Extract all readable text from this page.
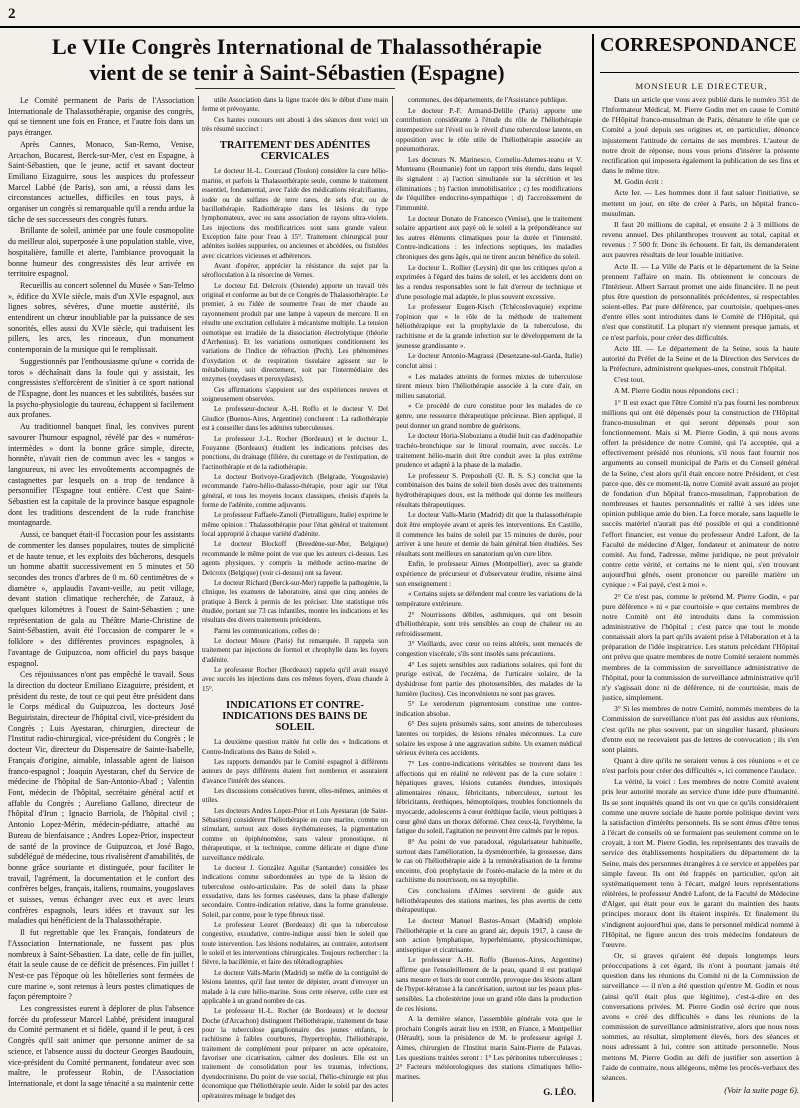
2
Le VIIe Congrès International de Thalassothérapie
vient de se tenir à Saint-Sébastien (Espagne)

Le Comité permanent de Paris de l'Association Internationale de Thalassothérapie, organise des congrès, qui se tiennent une fois en France, et l'autre fois dans un pays étranger.

Après Cannes, Monaco, San-Remo, Venise, Arcachon, Bucarest, Berck-sur-Mer, c'est en Espagne, à Saint-Sébastien, que le jeune, actif et savant docteur Emiliano Eizaguirre, sous les auspices du professeur Marcel Labbé (de Paris), son ami, a réussi dans les circonstances actuelles, difficiles en tous pays, à organiser un congrès si remarquable qu'il a rendu ardue la tâche de ses successeurs des congrès futurs.

Brillante de soleil, animée par une foule cosmopolite du meilleur aloi, superposée à une population stable, vive, hospitalière, famille et alerte, l'ambiance provoquait la bonne humeur des congressistes dès leur arrivée en territoire espagnol.

Recueillis au concert solennel du Musée « San-Telmo », édifice du XVIe siècle, mais d'un XVIe espagnol, aux lignes sobres, sévères, d'une muette austérité, ils entendirent un chœur inoubliable par la puissance de ses sonorités, elles aussi du XVIe siècle, qui traduisent les pillers, les arcs, les rinceaux, d'un monument contemporain de la musique qui le remplissait.

Suggestionnés par l'enthousiasme qu'une « corrida de toros » déchaînait dans la foule qui y assistait, les congressistes s'efforcèrent de s'initier à ce sport national de l'Espagne, dont les nuances et les subtilités, basées sur la psycho-physiologie du taureau, échappent si facilement aux profanes.

Au traditionnel banquet final, les convives purent savourer l'humour espagnol, révélé par des « numéros-intermèdes » dont la bonne grâce simple, directe, honnête, n'avait rien de commun avec les « tangos » langoureux, ni avec les envoûtements accompagnés de castagnettes par lesquels on a trop de tendance à personnifier l'Espagne tout entière. C'est que Saint-Sébastien est la capitale de la province basque espagnole dont les traditions descendent de la rude franchise montagnarde.

Aussi, ce banquet était-il l'occasion pour les assistants de commenter les danses populaires, toutes de simplicité et de haute tenue, et les exploits des bûcherons, desquels un homme abattit successivement en 5 minutes et 50 secondes des troncs d'arbres de 0 m. 60 centimètres de « diamètre », applaudis l'avant-veille, au petit village, devant station climatique recherchée, de Zarauz, à quelques kilomètres à l'ouest de Saint-Sébastien ; une représentation de gala au Théâtre Marie-Christine de Saint-Sébastien, avait été l'occasion de comparer le « folklore » des différentes provinces espagnoles, à l'avantage de Guipuzcoa, nom officiel du pays basque espagnol.

Ces réjouissances n'ont pas empêché le travail. Sous la direction du docteur Emiliano Eizaguirre, président, et président du reste, de tout ce qui peut être président dans le Corps médical du Guipuzcoa, les docteurs José Beguiristain, directeur de l'hôpital civil, vice-président du Congrès ; Luis Ayestaran, chirurgien, directeur de l'Institut radio-chirurgical, vice-président du Congrès ; le docteur Vic, directeur du Dispensaire de Sainte-Isabelle, Français d'origine, aimable, inlassable agent de liaison franco-espagnol ; Joaquin Ayestaran, chef du Service de médecine de l'hôpital de San-Antonio-Abad ; Valentin Font, médecin de l'hôpital, secrétaire général actif et affable du Congrès ; Aureliano Gallano, directeur de l'hôpital d'Irun ; Ignacio Barriola, de l'hôpital civil ; Antonio Lopez-Mérin, médecin-pédiatre, attaché au Bureau de bienfaisance ; Andres Lopez-Prior, inspecteur de santé de la province de Guipuzcoa, et José Bago, subdélégué de médecine, tous rivalisèrent d'amabilités, de bonne grâce souriante et distinguée, pour faciliter le travail, l'agrément, la documentation et le confort des confrères belges, français, italiens, roumains, yougoslaves et suisses, venus échanger avec eux et avec leurs confrères espagnols, leurs idées et travaux sur les maladies qui bénéficient de la Thalassothérapie.

Il fut regrettable que les Français, fondateurs de l'Association Internationale, ne fussent pas plus nombreux à Saint-Sébastien. La date, celle de fin juillet, était la seule cause de ce déficit de présences. Fin juillet ! N'est-ce pas l'époque où les hôtelleries sont fermées de cure marine », sont retenus à leurs postes climatiques de façon péremptoire ?

Les congressistes eurent à déplorer de plus l'absence forcée du professeur Marcel Labbé, président inaugural du Comité permanent et si fidèle, quand il le peut, à ces Congrès qu'il sait animer que personne animer de sa science, et l'absence aussi du docteur Georges Baudouin, vice-président du Comité permanent, fondateur avec son maître, le professeur Robin, de l'Association Internationale, et dont la sage ténacité a su maintenir cette

utile Association dans la ligne tracée dès le début d'une main ferme et prévoyante.

Ces hautes concours ont abouti à des séances dont voici un très résumé succinct :

TRAITEMENT DES ADÉNITES CERVICALES

Le docteur H.-L. Courcaud (Toulon) considère la cure hélio-marine, et parfois la Thalassothérapie seule, comme le traitement essentiel, fondamental, avec l'aide des médications récalcifiantes, iodée ou de sulfates de terre rares, de sels d'or, ou de bacillothérapie. Radiothérapie dans les lésions du type lymphomateux, avec ou sans association de rayons ultra-violets. Les injections des modificatrices sont sans grande valeur. Exception faite pour l'eau à 15°. Traitement chirurgical pour adénites isolées suppurées, ou anciennes et abcédées, ou fistulées avec cicatrices vicieuses et adhérences.

Avant d'opérer, apprécier la résistance du sujet par la sérofloculation à la résorcine de Vernes.

Le docteur Ed. Delcroix (Ostende) apporte un travail très original et conforme au but de ce Congrès de Thalassothérapie. Le premier, à eu l'idée de soumettre l'eau de mer chaude au rayonnement produit par une lampe à vapeurs de mercure. Il en résulte une excitation cellulaire à mécanisme multiple. La tension osmotique est irradiée de la dissociation électrolytique (théorie d'Arrhenius). Et les variations osmotiques conditionnent les variations de l'indice de réfraction (Pech). Les phénomènes d'oxydation et de respiration tissulaire agissent sur le métabolisme, soit directement, soit par l'intermédiaire des enzymes (oxydases et peroxydases).

Ces affirmations s'appuient sur des expériences neuves et soigneusement observées.

Le professeur-docteur A.-H. Roffo et le docteur V. Del Giudice (Buenos-Aires, Argentine) conclurent : La radiothérapie est à conseiller dans les adénites tuberculeuses.

Le professeur J.-L. Rocher (Bordeaux) et le docteur L. Fouyanne (Bordeaux) étudient les indications précises des ponctions, du drainage (filière, du curettage et de l'extirpation, de l'actinothérapie et de la radiothérapie.

Le docteur Borivoye-Gradjevitch (Belgrade, Yougoslavie) recommande l'aéro-hélio-thalasso-thérapie, pour agir sur l'état général, et tous les moyens locaux classiques, choisis d'après la forme de l'adénite, comme adjuvants.

Le professeur Faffaele-Zanoli (Pietralligure, Italie) exprime le même opinion : Thalassothérapie pour l'état général et traitement local approprié à chaque variété d'adénite.

Le docteur Blockoff (Breedène-sur-Mer, Belgique) recommande le même point de vue que les auteurs ci-dessus. Les agents physiques, y compris la méthode actino-marine de Delcroix (Belgique) (voir ci-dessus) ont sa faveur.

Le docteur Richard (Berck-sur-Mer) rappelle la pathogénie, la clinique, les examens de laboratoire, ainsi que cinq années de pratique à Berck à permis de les préciser. Une statistique très étudiée, portant sur 73 cas infantiles, montre les indications et les résultats des divers traitements précédents.

Parmi les communications, celles de :

Le docteur Moure (Paris) fut remarquée. Il rappela son traitement par injections de formol et chrophylle dans les foyers d'adénite.

Le professeur Rocher (Bordeaux) rappela qu'il avait essayé avec succès les injections dans ces mêmes foyers, d'eau chaude à 15°.

INDICATIONS ET CONTRE-INDICATIONS DES BAINS DE SOLEIL

La deuxième question traitée fut celle des « Indications et Contre-Indications des Bains de Soleil ».

Les rapports demandés par le Comité espagnol à différents auteurs de pays différents étaient fort nombreux et assuraient d'avance l'intérêt des séances.

Les discussions consécutives furent, elles-mêmes, animées et utiles.

Les docteurs Andres Lopez-Prior et Luis Ayestaran (de Saint-Sébastien) considèrent l'héliothérapie en cure marine, comme un stimulant, surtout aux doses érythémateuses, la pigmentation comme un épiphénomène, sans valeur pronostique, ni thérapeutique, et la technique, comme délicate et digne d'une surveillance médicale.

Le docteur J. González Aguilar (Santander) considère les indications comme subordonnées au type de la lésion de tuberculose ostéo-articulaire. Pas de soleil dans la phase exsudative, dans les formes caséeuses, dans la phase d'allergie secondaire. Contre-indication relative, dans la forme granuleuse. Soleil, par contre, pour le type fibreux tissé.

Le professeur Leuret (Bordeaux) dit que la tuberculose congestive, exsudative, contre-indique aussi bien le soleil que toute intervention. Les lésions nodulaires, au contraire, autorisent le soleil et les interventions chirurgicales. Toujours rechercher : la fièvre, la bacillémie, et faire des téléradiographies.

Le docteur Valls-Marin (Madrid) se méfie de la contiguïté de lésions latentes, qu'il faut tenter de dépister, avant d'envoyer un malade à la cure hélio-marine. Sous cette réserve, celle cure est applicable à un grand nombre de cas.

Le professeur H.-L. Rocher (de Bordeaux) et le docteur Doche (d'Arcachon) distinguent l'héliothérapie, traitement de base pour la tuberculose ganglionnaire des jeunes enfants, le rachitisme à faibles courbures, l'hypertrophie, l'héliothérapie, traitement de complément pour préparer un acte opératoire, favoriser une cicatrisation, calmer des douleurs. Elle est un traitement de consolidation pour les traumas, infections, dyendocrinisme. Du point de vue social, l'hélio-chirurgie est plus économique que l'héliothérapie seule. Aider le soleil par des actes opératoires ménage le budget des

communes, des départements, de l'Assistance publique.

Le docteur P.-F. Armand-Delille (Paris) apporte une contribution considérante à l'étude du rôle de l'héliothérapie intempestive sur l'éveil ou le réveil d'une tuberculose latente, en opposition avec le rôle utile de l'héliothérapie associée au pneumothorax.

Les docteurs N. Marinesco, Corneliu-Ademes-teanu et V. Munteanu (Roumanie) font un rapport très étendu, dans lequel ils signalent : a) l'action simultanée sur la sécrétion et les éliminations ; b) l'action immobilisatrice ; c) les modifications de l'équilibre endocrino-sympathique ; d) l'accroissement de l'immunité.

Le docteur Donato de Francesco (Venise), que le traitement solaire appartient aux payé où le soleil a la prépondérance sur les autres éléments climatiques pour la durée et l'intensité. Contre-indications : les infections septiques, les maladies chroniques des gens âgés, qui ne tirent aucun bénéfice du soleil.

Le docteur L. Rollier (Leysin) dit que les critiques qu'on a exprimées à l'égard des bains de soleil, et les accidents dont on les a rendus responsables sont le fait d'erreur de technique et d'une posologie mal adaptée, le plus souvent excessive.

Le professeur Eugen-Kisch (Tchécoslovaquie) exprime l'opinion que « le rôle de la méthode de traitement héliothérapique est la prophylaxie de la tuberculose, du rachitisme et de la grande infection sur le développement de la jeunesse grandissante ».

Le docteur Antonio-Magrassi (Desenzane-sul-Garda, Italie) conclut ainsi :

« Les malades atteints de formes mixtes de tuberculose tirent mieux bien l'héliothérapie associée à la cure d'air, en milieu sanatorial.

« Ce procédé de cure constitue pour les malades de ce genre, une ressource thérapeutique précieuse. Bien appliqué, il peut donner un grand nombre de guérisons.

Le docteur Horia-Slobozianu a étudié huit cas d'adénopathie trachéo-bronchique sur le littoral roumain, avec succès. Le traitement hélio-marin doit être conduit avec la plus extrême prudence et adapté à la phase de la maladie.

Le professeur S. Preposholl (U. R. S. S.) conclut que la combinaison des bains de soleil bien dosés avec des traitements hydrothérapiques doux, est la méthode qui donne les meilleurs résultats thérapeutiques.

Le docteur Valls-Marin (Madrid) dit que la thalassothérapie doit être employée avant et après les interventions. En Castille, il commence les bains de soleil par 15 minutes de durée, pour arriver à une heure et demie de bain général bien étudiées. Ses résultats sont meilleurs en sanatorium qu'en cure libre.

Enfin, le professeur Aimes (Montpellier), avec sa grande expérience de précurseur et d'observateur érudite, résume ainsi son enseignement :

« Certains sujets se défendent mal contre les variations de la température extérieure.

2° Nourrissons débiles, asthmiques, qui ont besoin d'héliothérapie, sont très sensibles au coup de chaleur ou au refroidissement.

3° Vieillards, avec cœur ou reins altérés, sont menacés de congestion viscérale, s'ils sont insolés sans précautions.

4° Les sujets sensibles aux radiations solaires, qui font du prurige estival, de l'eczéma, de l'urticaire solaire, de la dyshidrose font partie des photosensibles, des malades de la lumière (lucites). Ces inconvénients ne sont pas graves.

5° Le xeroderum pigmentosum constitue une contre-indication absolue.

6° Des sujets présumés sains, sont atteints de tuberculoses latentes ou torpides, de lésions rénales méconnues. La cure solaire les expose à une aggravation subite. Un examen médical sérieux évitera ces accidents.

7° Les contre-indications véritables se trouvent dans les affections qui en réalité ne relèvent pas de la cure solaire : hépatiques graves, lésions cutanées étendues, intoxiqués alimentaires rénaux, fébricitants, tuberculeux, surtout les fébricitants, érethiques, hémoptoïques, troubles fonctionnels du myocarde, adolescents à cœur éréthique facile, vieux poltiques à cœur gêné dans un thorax déformé. Chez ceux-là, l'erythème, la fatigue du soleil, l'agitation ne peuvent être calmés par le repos.

8° Au point de vue paradoxal, régularisateur habituelle, surtout dans l'amélioration, la dysménorrhée, la grossesse, dans le cas où l'héliothérapie aide à la reminéralisation de la femme enceinte, d'où prophylaxie de l'ostéo-malacie de la mère et du rachitisme du nourrisson, ou sa myophilie.

Ces conclusions d'Aimes servirent de guide aux héliothérapeutes des stations marines, les plus avertis de cette thérapeutique.

Le docteur Manuel Bastos-Ansart (Madrid) emploie l'héliothérapie et la cure au grand air, depuis 1917, à cause de son action lymphatique, hyperhémiante, physicochimique, antiseptique et cicatrisante.

Le professeur A.-H. Roffo (Buenos-Aires, Argentine) affirme que l'ensoleillement de la peau, quand il est pratiqué sans mesure et hors de tout contrôle, provoque des lésions allant de l'hyper-kératose à la cancérisation, surtout sur les peaux plus-sensibles. La cholestérine joue un grand rôle dans la production de ces lésions.

A la dernière séance, l'assemblée générale vota que le prochain Congrès aurait lieu en 1938, en France, à Montpellier (Hérault), sous la présidence de M. le professeur agrégé J. Aimes, chirurgien de l'Institut marin Saint-Pierre de Palavas. Les questions traitées seront : 1° Les péritonites tuberculeuses ; 2° Facteurs météorologiques des stations climatiques hélio-marines.

G. LÉO.
CORRESPONDANCE
MONSIEUR LE DIRECTEUR,

Dans un article que vous avez publié dans le numéro 351 de l'Informateur Médical, M. Pierre Godin met en cause le Comité de l'Hôpital franco-musulman de Paris, dénature le rôle que ce Comité a joué depuis ses origines et, en particulier, dénonce injustement l'attitude de certains de ses membres. L'auteur de notre droit de réponse, nous vous prions d'insérer la présente rectification qui imposera également la publication de ses fins et dans le même titre.

M. Godin écrit :

Acte Ier. — Les hommes dont il faut saluer l'initiative, se mettent un jour, en tête de créer à Paris, un hôpital franco-musulman.

Il faut 20 millions de capital, et ensuite 2 à 3 millions de revenu annuel. Des philanthropes trouvent au total, capital et revenus : 7 500 fr. Donc ils échouent. Et fait, ils demanderaient aux pauvres résultats de leur louable initiative.

Acte II. — La Ville de Paris et le département de la Seine prennent l'affaire en main. Ils obtiennent le concours de l'Intérieur. Albert Sarraut promet une aide financière. Il ne peut plus être question de personnalités précédentes, si respectables soient-elles. Par pure déférence, par courtoisie, quelques-unes d'entre elles sont introduites dans le Comité de l'Hôpital, qui n'est que constitutif. La plupart n'y viennent presque jamais, et ce n'est parfois, pour créer des difficultés.

Acte III. — Le département de la Seine, sous la haute autorité du Préfet de la Seine et de la Direction des Services de la Préfecture, administrent quelques-unes, construit l'hôpital.

C'est tout.

A M. Pierre Godin nous répondons ceci :

1° Il est exact que l'être Comité n'a pas fourni les nombreux millions qui ont été dépensés pour la construction de l'Hôpital franco-musulman et qui seront dépensés pour son fonctionnement. Mais si M. Pierre Godin, à qui nous avons offert la présidence de notre Comité, qui l'a acceptée, qui a effectivement présidé nos réunions, s'il nous faut fournir nos arguments au conseil municipal de Paris et du Conseil général de la Seine, c'est alors qu'il était encore notre Président, et c'est parce que, dès ce moment-là, notre Comité avait assuré au projet de fondation d'un hôpital franco-musulman, l'approbation de nombreuses et hautes personnalités et rallié à ses idées une opinion publique amie du bien. La force morale, sans laquelle le succès matériel n'aurait pas été possible et qui a conditionné l'effort financier, est venue du professeur André Lafont, de la Faculté de médecine d'Alger, fondateur et animateur de notre comité. Au fond, l'adresse, même juridique, ne peut prévaloir contre cette vérité, et certains ne le nient qui, s'en trouvant aujourd'hui gênés, osent prononcer ou pareille matière un cynique : « Fai payé, c'est à moi ».

2° Ce n'est pas, comme le prétend M. Pierre Godin, « par pure déférence » ni « par courtoisie » que certains membres de notre Comité ont été introduits dans la commission administrative de l'hôpital ; c'est parce que tout le monde connaissait alors la part qu'ils avaient prise à l'élaboration et à la préparation de l'idée inspiratrice. Les statuts précédant l'Hôpital ont prévu que quatre membres de notre Comité seraient nommés membres de la commission de surveillance administrative de l'hôpital, pour la commission de surveillance administrative qu'il n'y s'agissait donc ni de déférence, ni de courtoisie, mais de justice, simplement.

3° Si les membres de notre Comité, nommés membres de la Commission de surveillance n'ont pas été assidus aux réunions, c'est qu'ils ne plus souvent, par un singulier hasard, plusieurs d'entre eux ne recevaient pas de lettres de convocation ; ils s'en sont plaints.

Quant à dire qu'ils ne seraient venus à ces réunions « et ce n'est parfois pour créer des difficultés », ici commence l'audace.

La vérité, la voici : Les membres de notre Comité avaient pris leur autorité morale au service d'une idée pure d'humanité. Ils se sont inquiétés quand ils ont vu que ce qu'ils considéraient comme une œuvre sociale de haute portée politique devint vers la satisfaction d'intérêts personnels. Ils se sont émus d'être tenus à l'écart de conseils où se formaient pas seulement comme on le croyait, à tort M. Pierre Godin, les représentants des travails de service des établissements hospitaliers du département de la Seine, mais des personnes étrangères à ce service et appelées par simple faveur. Ils ont été frappés en particulier, qu'on ait systématiquement tenu à l'écart, malgré leurs représentations réitérées, le professeur André Lafont, de la Faculté de Médecine d'Alger, qui était pour eux le garant du maintien des hauts principes moraux dont ils étaient inspirés. Et finalement ils s'indignent aujourd'hui que, dans le personnel médical nommé à l'Hôpital, ne figure aucun des trois médecins fondateurs de l'œuvre.

Or, si graves qu'aient été depuis longtemps leurs préoccupations à cet égard, ils n'ont à pourtant jamais été question dans les réunions du Comité ni de la Commission de surveillance — il n'en a été question qu'entre M. Godin et nous (ainsi qu'il était plus que légitime), c'est-à-dire en des conversations privées. M. Pierre Godin osé écrire que nous avons « créé des difficultés » dans les réunions de la commission de surveillance administrative, alors que nous nous sommes, au résultat, simplement élevés, hors des séances et nous adressant à lui, contre son attitude personnelle. Nous mettons M. Pierre Godin au défi de justifier son assertion à l'aide de contraire, nous allégeons, même les procès-verbaux des séances.

(Voir la suite page 6).
